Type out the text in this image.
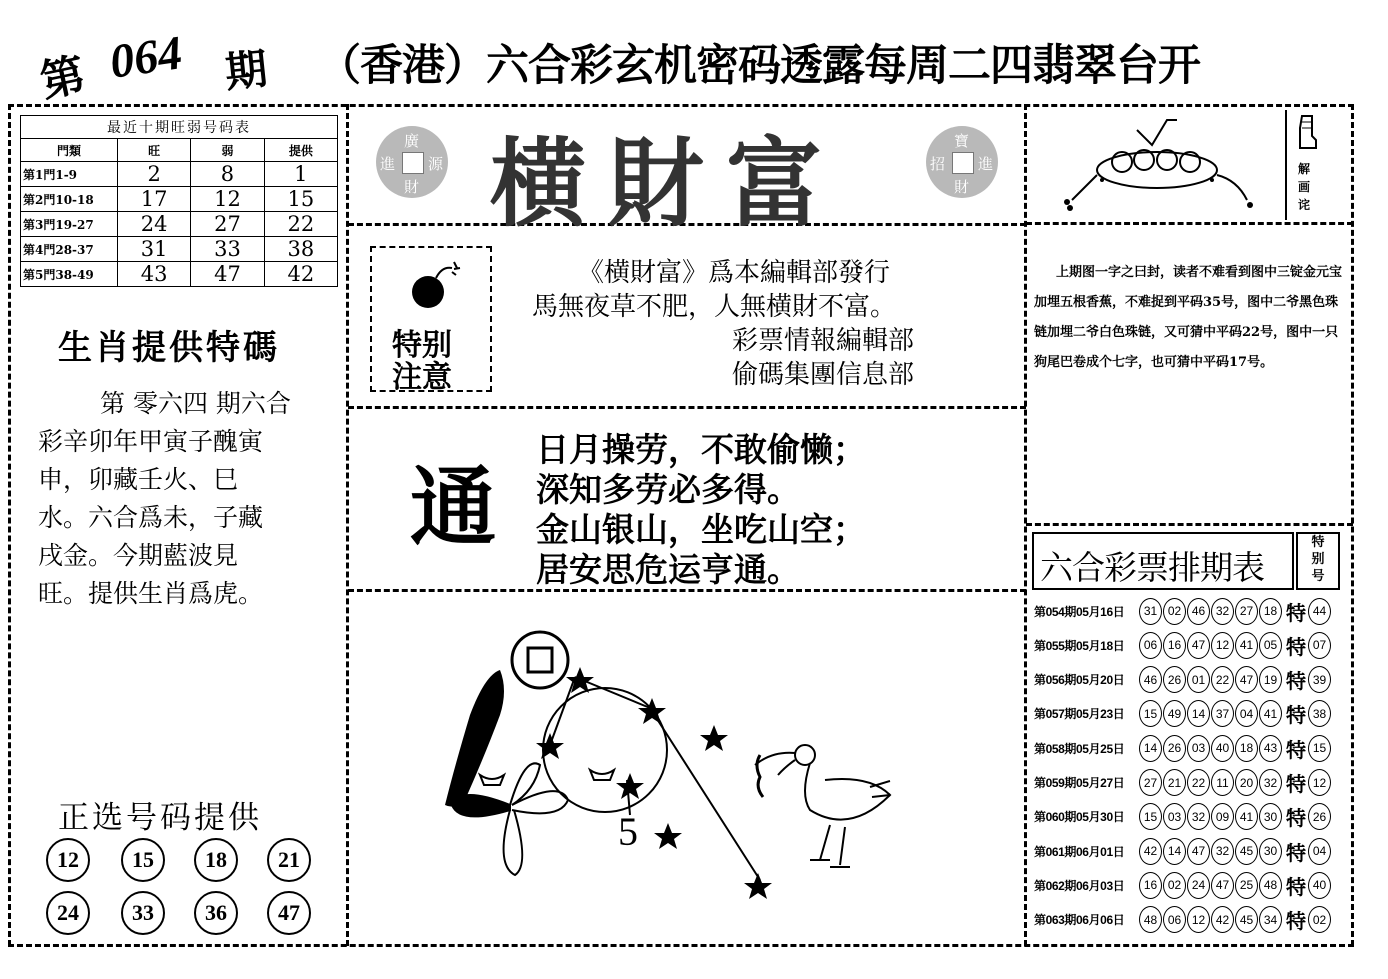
第 064 期 （香港）六合彩玄机密码透露每周二四翡翠台开
最近十期旺弱号码表			
門類	旺	弱	提供
第1門1-9	2	8	1
第2門10-18	17	12	15
第3門19-27	24	27	22
第4門28-37	31	33	38
第5門38-49	43	47	42
生肖提供特碼
第 零六四 期六合
彩辛卯年甲寅子醜寅
申，卯藏壬火、巳
水。六合爲未，子藏
戌金。今期藍波見
旺。提供生肖爲虎。
正选号码提供
12	15	18	21
24	33	36	47
廣
進 源
財 横財富	寶
招 進
財
特别
注意
《横財富》爲本編輯部發行
馬無夜草不肥，人無横財不富。
彩票情報編輯部
偷碼集團信息部
通
日月操劳，不敢偷懒；
深知多劳必多得。
金山银山，坐吃山空；
居安思危运亨通。
5
解
画
诧
上期图一字之曰封，读者不难看到图中三锭金元宝加埋五根香蕉，不难捉到平码35号，图中二爷黑色珠链加埋二爷白色珠链，又可猜中平码22号，图中一只狗尾巴卷成个七字，也可猜中平码17号。
六合彩票排期表
特
别
号
第054期05月16日	31 02 46 32 27 18 特 44
第055期05月18日	06 16 47 12 41 05 特 07
第056期05月20日	46 26 01 22 47 19 特 39
第057期05月23日	15 49 14 37 04 41 特 38
第058期05月25日	14 26 03 40 18 43 特 15
第059期05月27日	27 21 22 11 20 32 特 12
第060期05月30日	15 03 32 09 41 30 特 26
第061期06月01日	42 14 47 32 45 30 特 04
第062期06月03日	16 02 24 47 25 48 特 40
第063期06月06日	48 06 12 42 45 34 特 02
